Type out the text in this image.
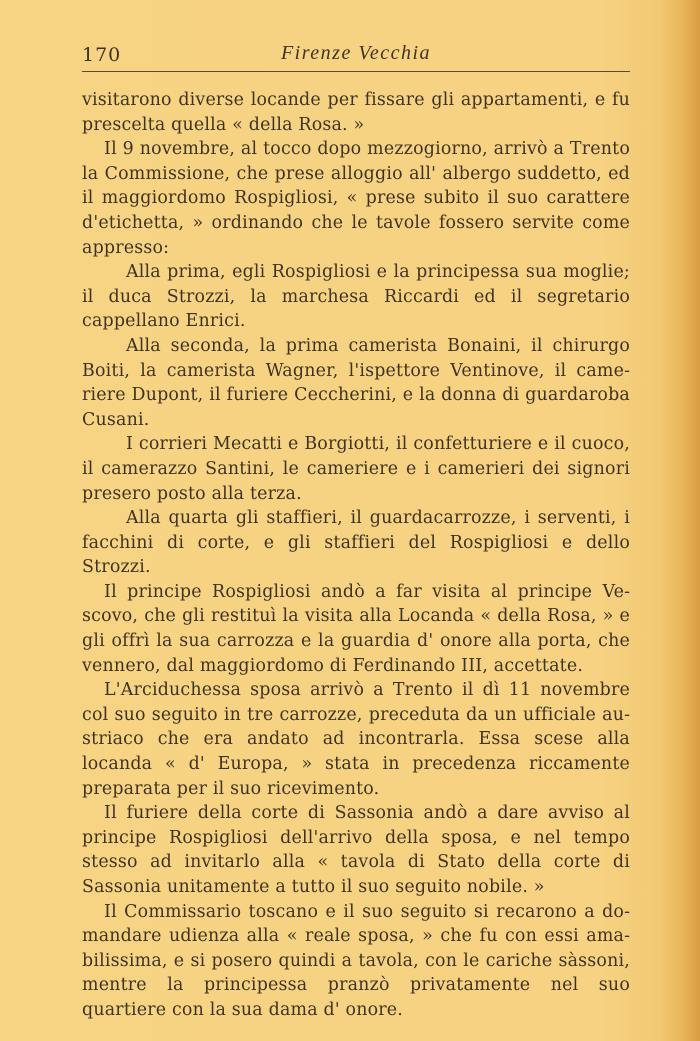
170	Firenze Vecchia

visitarono diverse locande per fissare gli appartamenti, e fu prescelta quella « della Rosa. »

Il 9 novembre, al tocco dopo mezzogiorno, arrivò a Trento la Commissione, che prese alloggio all' albergo suddetto, ed il maggiordomo Rospigliosi, « prese subito il suo carattere d'etichetta, » ordinando che le tavole fossero servite come appresso:

Alla prima, egli Rospigliosi e la principessa sua moglie; il duca Strozzi, la marchesa Riccardi ed il segretario cappellano Enrici.

Alla seconda, la prima camerista Bonaini, il chirurgo Boiti, la camerista Wagner, l'ispettore Ventinove, il cameriere Dupont, il furiere Ceccherini, e la donna di guardaroba Cusani.

I corrieri Mecatti e Borgiotti, il confetturiere e il cuoco, il camerazzo Santini, le cameriere e i camerieri dei signori presero posto alla terza.

Alla quarta gli staffieri, il guardacarrozze, i serventi, i facchini di corte, e gli staffieri del Rospigliosi e dello Strozzi.

Il principe Rospigliosi andò a far visita al principe Vescovo, che gli restituì la visita alla Locanda « della Rosa, » e gli offrì la sua carrozza e la guardia d' onore alla porta, che vennero, dal maggiordomo di Ferdinando III, accettate.

L'Arciduchessa sposa arrivò a Trento il dì 11 novembre col suo seguito in tre carrozze, preceduta da un ufficiale austriaco che era andato ad incontrarla. Essa scese alla locanda « d' Europa, » stata in precedenza riccamente preparata per il suo ricevimento.

Il furiere della corte di Sassonia andò a dare avviso al principe Rospigliosi dell'arrivo della sposa, e nel tempo stesso ad invitarlo alla « tavola di Stato della corte di Sassonia unitamente a tutto il suo seguito nobile. »

Il Commissario toscano e il suo seguito si recarono a domandare udienza alla « reale sposa, » che fu con essi amabilissima, e si posero quindi a tavola, con le cariche sàssoni, mentre la principessa pranzò privatamente nel suo quartiere con la sua dama d' onore.
